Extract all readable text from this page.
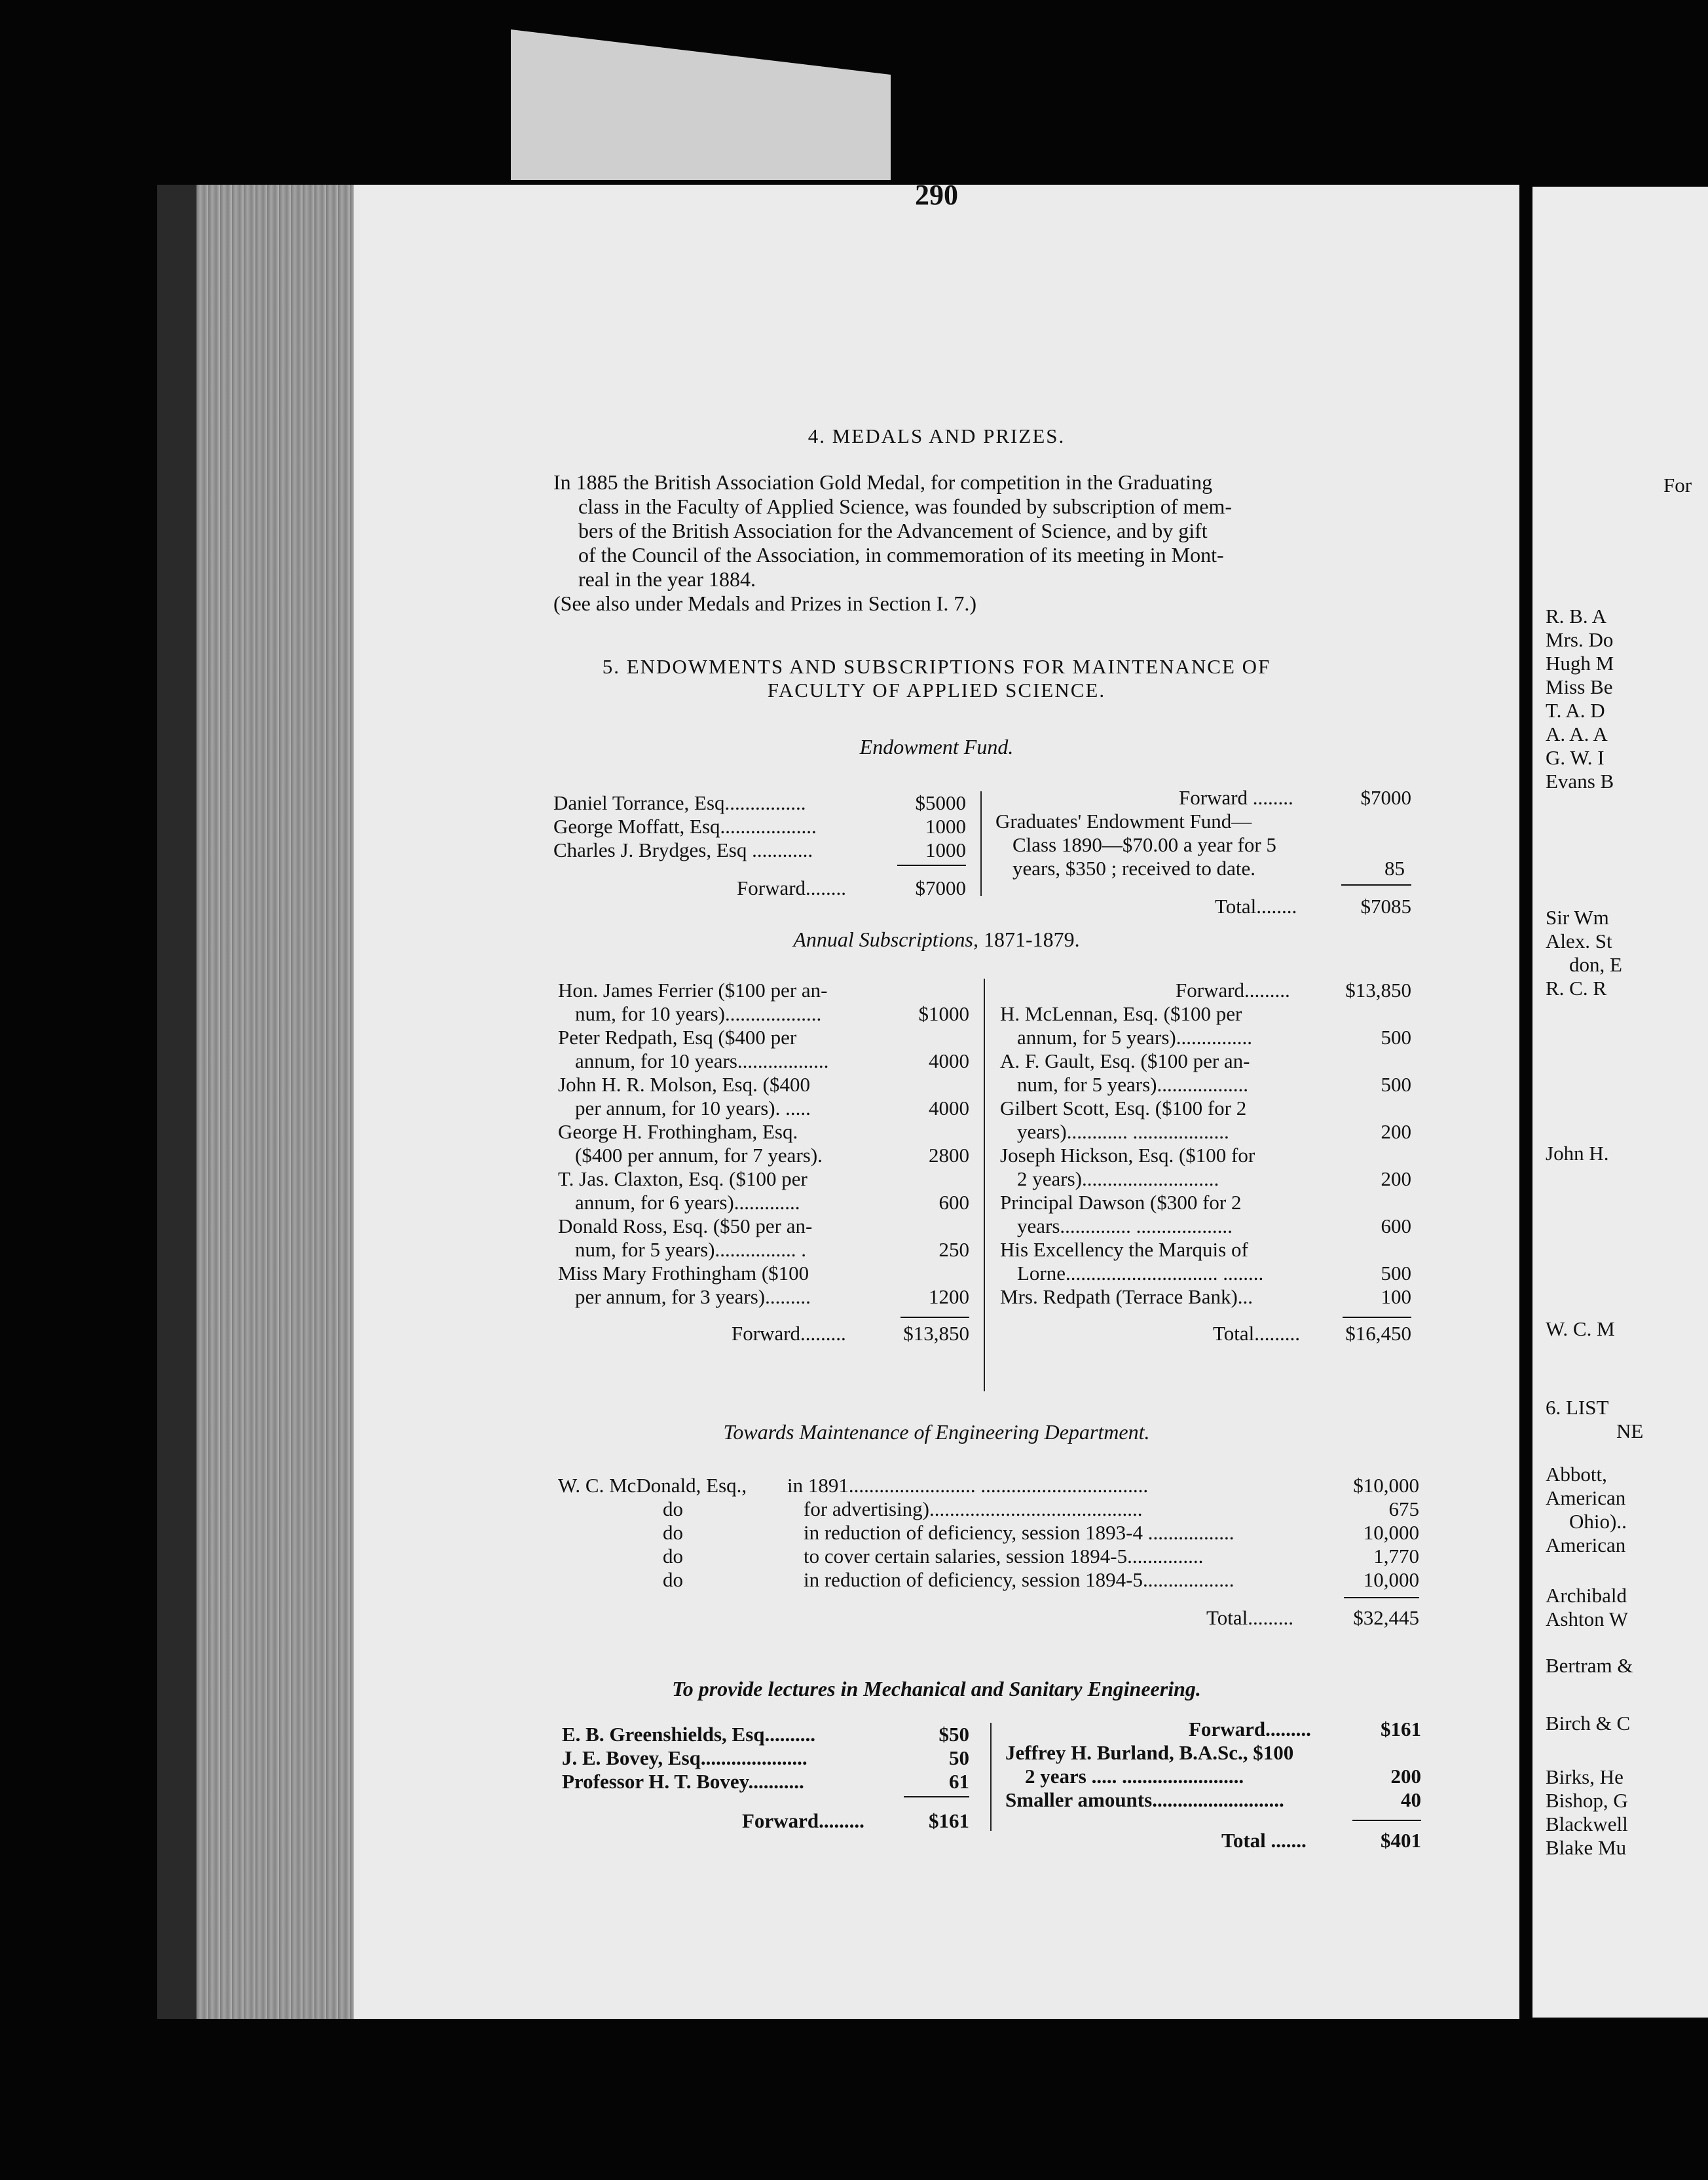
290
4. MEDALS AND PRIZES.
In 1885 the British Association Gold Medal, for competition in the Graduating
class in the Faculty of Applied Science, was founded by subscription of mem-
bers of the British Association for the Advancement of Science, and by gift
of the Council of the Association, in commemoration of its meeting in Mont-
real in the year 1884.
(See also under Medals and Prizes in Section I. 7.)
5. ENDOWMENTS AND SUBSCRIPTIONS FOR MAINTENANCE OF
FACULTY OF APPLIED SCIENCE.
Endowment Fund.
Daniel Torrance, Esq................	$5000
George Moffatt, Esq...................	1000
Charles J. Brydges, Esq ............	1000
Forward........	$7000
Forward ........	$7000
Graduates' Endowment Fund—
Class 1890—$70.00 a year for 5
years, $350 ; received to date.	85
Total........	$7085
Annual Subscriptions, 1871-1879.
Hon. James Ferrier ($100 per an-
num, for 10 years)...................	$1000
Peter Redpath, Esq ($400 per
annum, for 10 years..................	4000
John H. R. Molson, Esq. ($400
per annum, for 10 years). .....	4000
George H. Frothingham, Esq.
($400 per annum, for 7 years).	2800
T. Jas. Claxton, Esq. ($100 per
annum, for 6 years).............	600
Donald Ross, Esq. ($50 per an-
num, for 5 years)................ .	250
Miss Mary Frothingham ($100
per annum, for 3 years).........	1200
Forward.........	$13,850
Forward.........	$13,850
H. McLennan, Esq. ($100 per
annum, for 5 years)...............	500
A. F. Gault, Esq. ($100 per an-
num, for 5 years)..................	500
Gilbert Scott, Esq. ($100 for 2
years)............ ...................	200
Joseph Hickson, Esq. ($100 for
2 years)...........................	200
Principal Dawson ($300 for 2
years.............. ...................	600
His Excellency the Marquis of
Lorne.............................. ........	500
Mrs. Redpath (Terrace Bank)...	100
Total......... $16,450
Towards Maintenance of Engineering Department.
W. C. McDonald, Esq., in 1891......................... .................................	$10,000
do	for advertising)..........................................	675
do	in reduction of deficiency, session 1893-4 .................	10,000
do	to cover certain salaries, session 1894-5...............	1,770
do	in reduction of deficiency, session 1894-5..................	10,000
Total.........	$32,445
To provide lectures in Mechanical and Sanitary Engineering.
E. B. Greenshields, Esq..........	$50
J. E. Bovey, Esq.....................	50
Professor H. T. Bovey...........	61
Forward.........	$161
Forward.........	$161
Jeffrey H. Burland, B.A.Sc., $100
2 years ..... ........................	200
Smaller amounts..........................	40
Total .......	$401
For
R. B. A
Mrs. Do
Hugh M
Miss Be
T. A. D
A. A. A
G. W. I
Evans B
Sir Wm
Alex. St
don, E
R. C. R
John H.
W. C. M
6. LIST
NE
Abbott,
American
Ohio)..
American
Archibald
Ashton W
Bertram &
Birch & C
Birks, He
Bishop, G
Blackwell
Blake Mu
